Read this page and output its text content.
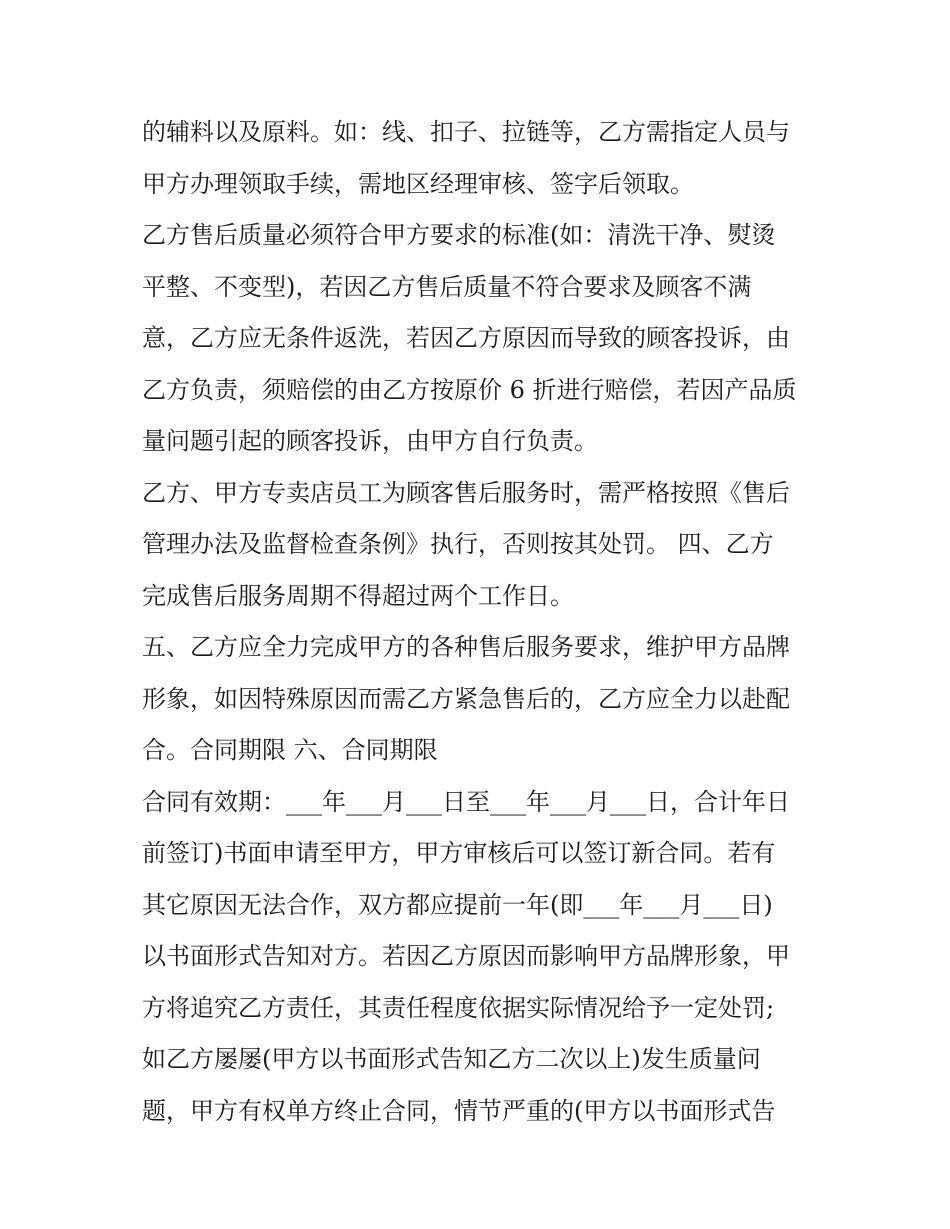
的辅料以及原料。如：线、扣子、拉链等，乙方需指定人员与
甲方办理领取手续，需地区经理审核、签字后领取。
乙方售后质量必须符合甲方要求的标准(如：清洗干净、熨烫
平整、不变型)，若因乙方售后质量不符合要求及顾客不满
意，乙方应无条件返洗，若因乙方原因而导致的顾客投诉，由
乙方负责，须赔偿的由乙方按原价 6 折进行赔偿，若因产品质
量问题引起的顾客投诉，由甲方自行负责。
乙方、甲方专卖店员工为顾客售后服务时，需严格按照《售后
管理办法及监督检查条例》执行，否则按其处罚。 四、乙方
完成售后服务周期不得超过两个工作日。
五、乙方应全力完成甲方的各种售后服务要求，维护甲方品牌
形象，如因特殊原因而需乙方紧急售后的，乙方应全力以赴配
合。合同期限 六、合同期限
合同有效期：___年___月___日至___年___月___日，合计年日
前签订)书面申请至甲方，甲方审核后可以签订新合同。若有
其它原因无法合作，双方都应提前一年(即___年___月___日)
以书面形式告知对方。若因乙方原因而影响甲方品牌形象，甲
方将追究乙方责任，其责任程度依据实际情况给予一定处罚;
如乙方屡屡(甲方以书面形式告知乙方二次以上)发生质量问
题，甲方有权单方终止合同，情节严重的(甲方以书面形式告
